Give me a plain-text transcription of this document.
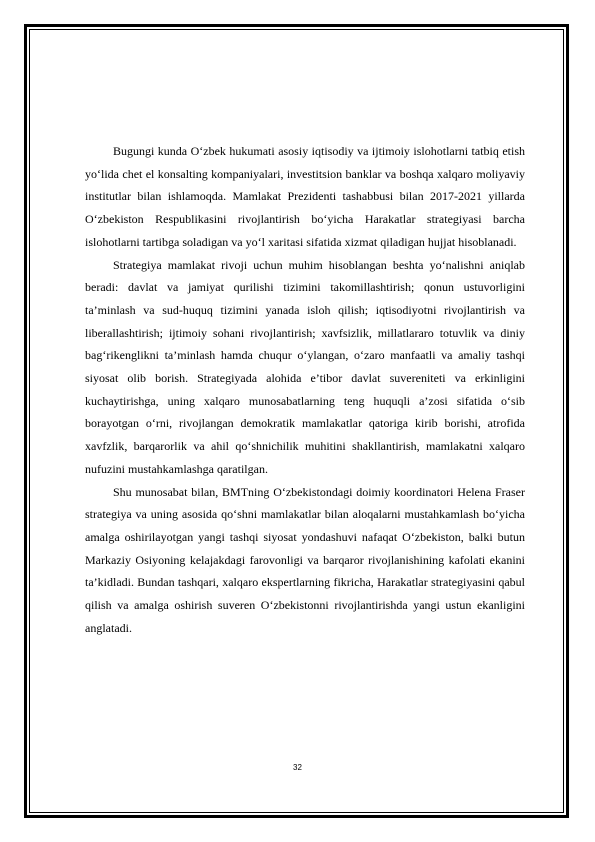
Bugungi kunda O‘zbek hukumati asosiy iqtisodiy va ijtimoiy islohotlarni tatbiq etish yo‘lida chet el konsalting kompaniyalari, investitsion banklar va boshqa xalqaro moliyaviy institutlar bilan ishlamoqda. Mamlakat Prezidenti tashabbusi bilan 2017-2021 yillarda O‘zbekiston Respublikasini rivojlantirish bo‘yicha Harakatlar strategiyasi barcha islohotlarni tartibga soladigan va yo‘l xaritasi sifatida xizmat qiladigan hujjat hisoblanadi.

Strategiya mamlakat rivoji uchun muhim hisoblangan beshta yo‘nalishni aniqlab beradi: davlat va jamiyat qurilishi tizimini takomillashtirish; qonun ustuvorligini ta’minlash va sud-huquq tizimini yanada isloh qilish; iqtisodiyotni rivojlantirish va liberallashtirish; ijtimoiy sohani rivojlantirish; xavfsizlik, millatlararo totuvlik va diniy bag‘rikenglikni ta’minlash hamda chuqur o‘ylangan, o‘zaro manfaatli va amaliy tashqi siyosat olib borish. Strategiyada alohida e’tibor davlat suvereniteti va erkinligini kuchaytirishga, uning xalqaro munosabatlarning teng huquqli a’zosi sifatida o‘sib borayotgan o‘rni, rivojlangan demokratik mamlakatlar qatoriga kirib borishi, atrofida xavfzlik, barqarorlik va ahil qo‘shnichilik muhitini shakllantirish, mamlakatni xalqaro nufuzini mustahkamlashga qaratilgan.

Shu munosabat bilan, BMTning O‘zbekistondagi doimiy koordinatori Helena Fraser strategiya va uning asosida qo‘shni mamlakatlar bilan aloqalarni mustahkamlash bo‘yicha amalga oshirilayotgan yangi tashqi siyosat yondashuvi nafaqat O‘zbekiston, balki butun Markaziy Osiyoning kelajakdagi farovonligi va barqaror rivojlanishining kafolati ekanini ta’kidladi. Bundan tashqari, xalqaro ekspertlarning fikricha, Harakatlar strategiyasini qabul qilish va amalga oshirish suveren O‘zbekistonni rivojlantirishda yangi ustun ekanligini anglatadi.

32
